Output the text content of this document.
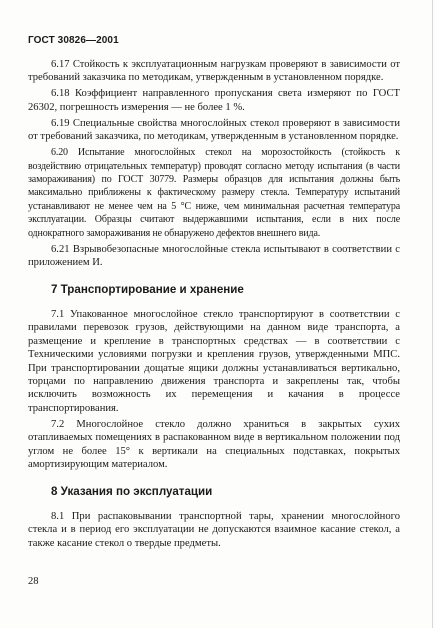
ГОСТ 30826—2001

6.17 Стойкость к эксплуатационным нагрузкам проверяют в зависимости от требований заказчика по методикам, утвержденным в установленном порядке.

6.18 Коэффициент направленного пропускания света измеряют по ГОСТ 26302, погрешность измерения — не более 1 %.

6.19 Специальные свойства многослойных стекол проверяют в зависимости от требований заказчика, по методикам, утвержденным в установленном порядке.

6.20 Испытание многослойных стекол на морозостойкость (стойкость к воздействию отрицательных температур) проводят согласно методу испытания (в части замораживания) по ГОСТ 30779. Размеры образцов для испытания должны быть максимально приближены к фактическому размеру стекла. Температуру испытаний устанавливают не менее чем на 5 °С ниже, чем минимальная расчетная температура эксплуатации. Образцы считают выдержавшими испытания, если в них после однократного замораживания не обнаружено дефектов внешнего вида.

6.21 Взрывобезопасные многослойные стекла испытывают в соответствии с приложением И.

7 Транспортирование и хранение

7.1 Упакованное многослойное стекло транспортируют в соответствии с правилами перевозок грузов, действующими на данном виде транспорта, а размещение и крепление в транспортных средствах — в соответствии с Техническими условиями погрузки и крепления грузов, утвержденными МПС. При транспортировании дощатые ящики должны устанавливаться вертикально, торцами по направлению движения транспорта и закреплены так, чтобы исключить возможность их перемещения и качания в процессе транспортирования.

7.2 Многослойное стекло должно храниться в закрытых сухих отапливаемых помещениях в распакованном виде в вертикальном положении под углом не более 15° к вертикали на специальных подставках, покрытых амортизирующим материалом.

8 Указания по эксплуатации

8.1 При распаковывании транспортной тары, хранении многослойного стекла и в период его эксплуатации не допускаются взаимное касание стекол, а также касание стекол о твердые предметы.

28
